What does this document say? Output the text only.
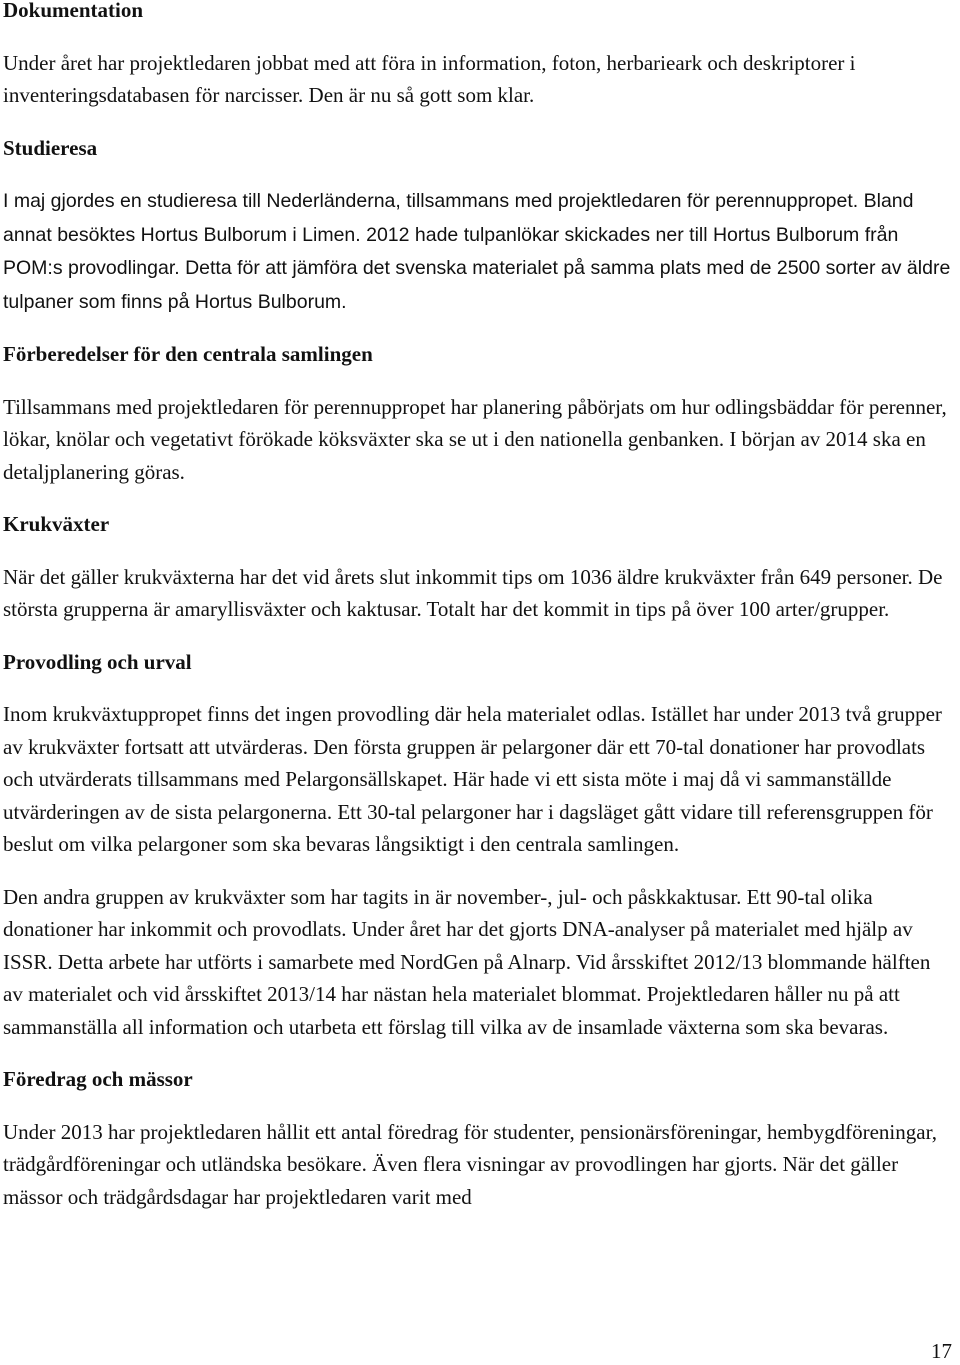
Dokumentation
Under året har projektledaren jobbat med att föra in information, foton, herbarieark och deskriptorer i inventeringsdatabasen för narcisser. Den är nu så gott som klar.
Studieresa
I maj gjordes en studieresa till Nederländerna, tillsammans med projektledaren för perennuppropet. Bland annat besöktes Hortus Bulborum i Limen. 2012 hade tulpanlökar skickades ner till Hortus Bulborum från POM:s provodlingar. Detta för att jämföra det svenska materialet på samma plats med de 2500 sorter av äldre tulpaner som finns på Hortus Bulborum.
Förberedelser för den centrala samlingen
Tillsammans med projektledaren för perennuppropet har planering påbörjats om hur odlingsbäddar för perenner, lökar, knölar och vegetativt förökade köksväxter ska se ut i den nationella genbanken. I början av 2014 ska en detaljplanering göras.
Krukväxter
När det gäller krukväxterna har det vid årets slut inkommit tips om 1036 äldre krukväxter från 649 personer. De största grupperna är amaryllisväxter och kaktusar. Totalt har det kommit in tips på över 100 arter/grupper.
Provodling och urval
Inom krukväxtuppropet finns det ingen provodling där hela materialet odlas. Istället har under 2013 två grupper av krukväxter fortsatt att utvärderas. Den första gruppen är pelargoner där ett 70-tal donationer har provodlats och utvärderats tillsammans med Pelargonsällskapet. Här hade vi ett sista möte i maj då vi sammanställde utvärderingen av de sista pelargonerna. Ett 30-tal pelargoner har i dagsläget gått vidare till referensgruppen för beslut om vilka pelargoner som ska bevaras långsiktigt i den centrala samlingen.
Den andra gruppen av krukväxter som har tagits in är november-, jul- och påskkaktusar. Ett 90-tal olika donationer har inkommit och provodlats. Under året har det gjorts DNA-analyser på materialet med hjälp av ISSR. Detta arbete har utförts i samarbete med NordGen på Alnarp. Vid årsskiftet 2012/13 blommande hälften av materialet och vid årsskiftet 2013/14 har nästan hela materialet blommat. Projektledaren håller nu på att sammanställa all information och utarbeta ett förslag till vilka av de insamlade växterna som ska bevaras.
Föredrag och mässor
Under 2013 har projektledaren hållit ett antal föredrag för studenter, pensionärsföreningar, hembygdföreningar, trädgårdföreningar och utländska besökare. Även flera visningar av provodlingen har gjorts. När det gäller mässor och trädgårdsdagar har projektledaren varit med
17
